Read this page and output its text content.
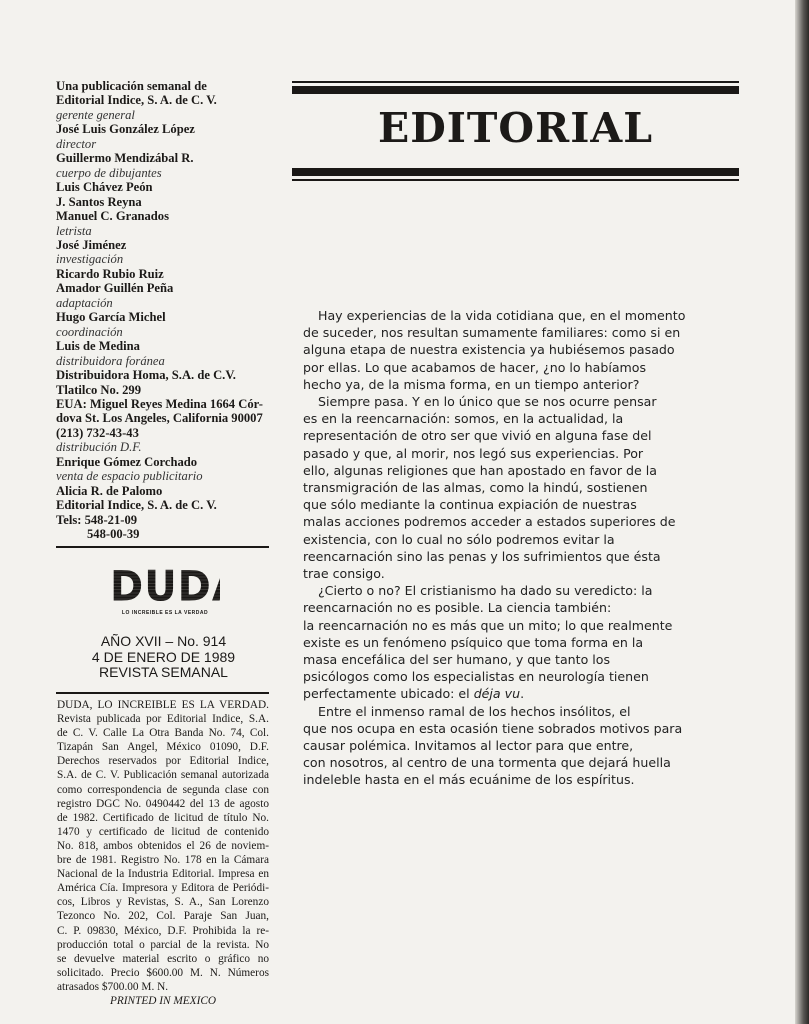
Una publicación semanal de
Editorial Indice, S. A. de C. V.
gerente general
José Luis González López
director
Guillermo Mendizábal R.
cuerpo de dibujantes
Luis Chávez Peón
J. Santos Reyna
Manuel C. Granados
letrista
José Jiménez
investigación
Ricardo Rubio Ruiz
Amador Guillén Peña
adaptación
Hugo García Michel
coordinación
Luis de Medina
distribuidora foránea
Distribuidora Homa, S.A. de C.V.
Tlatilco No. 299
EUA: Miguel Reyes Medina 1664 Cór-
dova St. Los Angeles, California 90007
(213) 732-43-43
distribución D.F.
Enrique Gómez Corchado
venta de espacio publicitario
Alicia R. de Palomo
Editorial Indice, S. A. de C. V.
Tels: 548-21-09
548-00-39
DUDA
LO INCREIBLE ES LA VERDAD
AÑO XVII – No. 914
4 DE ENERO DE 1989
REVISTA SEMANAL
DUDA, LO INCREIBLE ES LA VERDAD.
Revista publicada por Editorial Indice, S.A.
de C. V. Calle La Otra Banda No. 74, Col.
Tizapán San Angel, México 01090, D.F.
Derechos reservados por Editorial Indice,
S.A. de C. V. Publicación semanal autorizada
como correspondencia de segunda clase con
registro DGC No. 0490442 del 13 de agosto
de 1982. Certificado de licitud de título No.
1470 y certificado de licitud de contenido
No. 818, ambos obtenidos el 26 de noviem-
bre de 1981. Registro No. 178 en la Cámara
Nacional de la Industria Editorial. Impresa en
América Cía. Impresora y Editora de Periódi-
cos, Libros y Revistas, S. A., San Lorenzo
Tezonco No. 202, Col. Paraje San Juan,
C. P. 09830, México, D.F. Prohibida la re-
producción total o parcial de la revista. No
se devuelve material escrito o gráfico no
solicitado. Precio $600.00 M. N. Números
atrasados $700.00 M. N.
PRINTED IN MEXICO
EDITORIAL
Hay experiencias de la vida cotidiana que, en el momento
de suceder, nos resultan sumamente familiares: como si en
alguna etapa de nuestra existencia ya hubiésemos pasado
por ellas. Lo que acabamos de hacer, ¿no lo habíamos
hecho ya, de la misma forma, en un tiempo anterior?
Siempre pasa. Y en lo único que se nos ocurre pensar
es en la reencarnación: somos, en la actualidad, la
representación de otro ser que vivió en alguna fase del
pasado y que, al morir, nos legó sus experiencias. Por
ello, algunas religiones que han apostado en favor de la
transmigración de las almas, como la hindú, sostienen
que sólo mediante la continua expiación de nuestras
malas acciones podremos acceder a estados superiores de
existencia, con lo cual no sólo podremos evitar la
reencarnación sino las penas y los sufrimientos que ésta
trae consigo.
¿Cierto o no? El cristianismo ha dado su veredicto: la
reencarnación no es posible. La ciencia también:
la reencarnación no es más que un mito; lo que realmente
existe es un fenómeno psíquico que toma forma en la
masa encefálica del ser humano, y que tanto los
psicólogos como los especialistas en neurología tienen
perfectamente ubicado: el déja vu.
Entre el inmenso ramal de los hechos insólitos, el
que nos ocupa en esta ocasión tiene sobrados motivos para
causar polémica. Invitamos al lector para que entre,
con nosotros, al centro de una tormenta que dejará huella
indeleble hasta en el más ecuánime de los espíritus.
